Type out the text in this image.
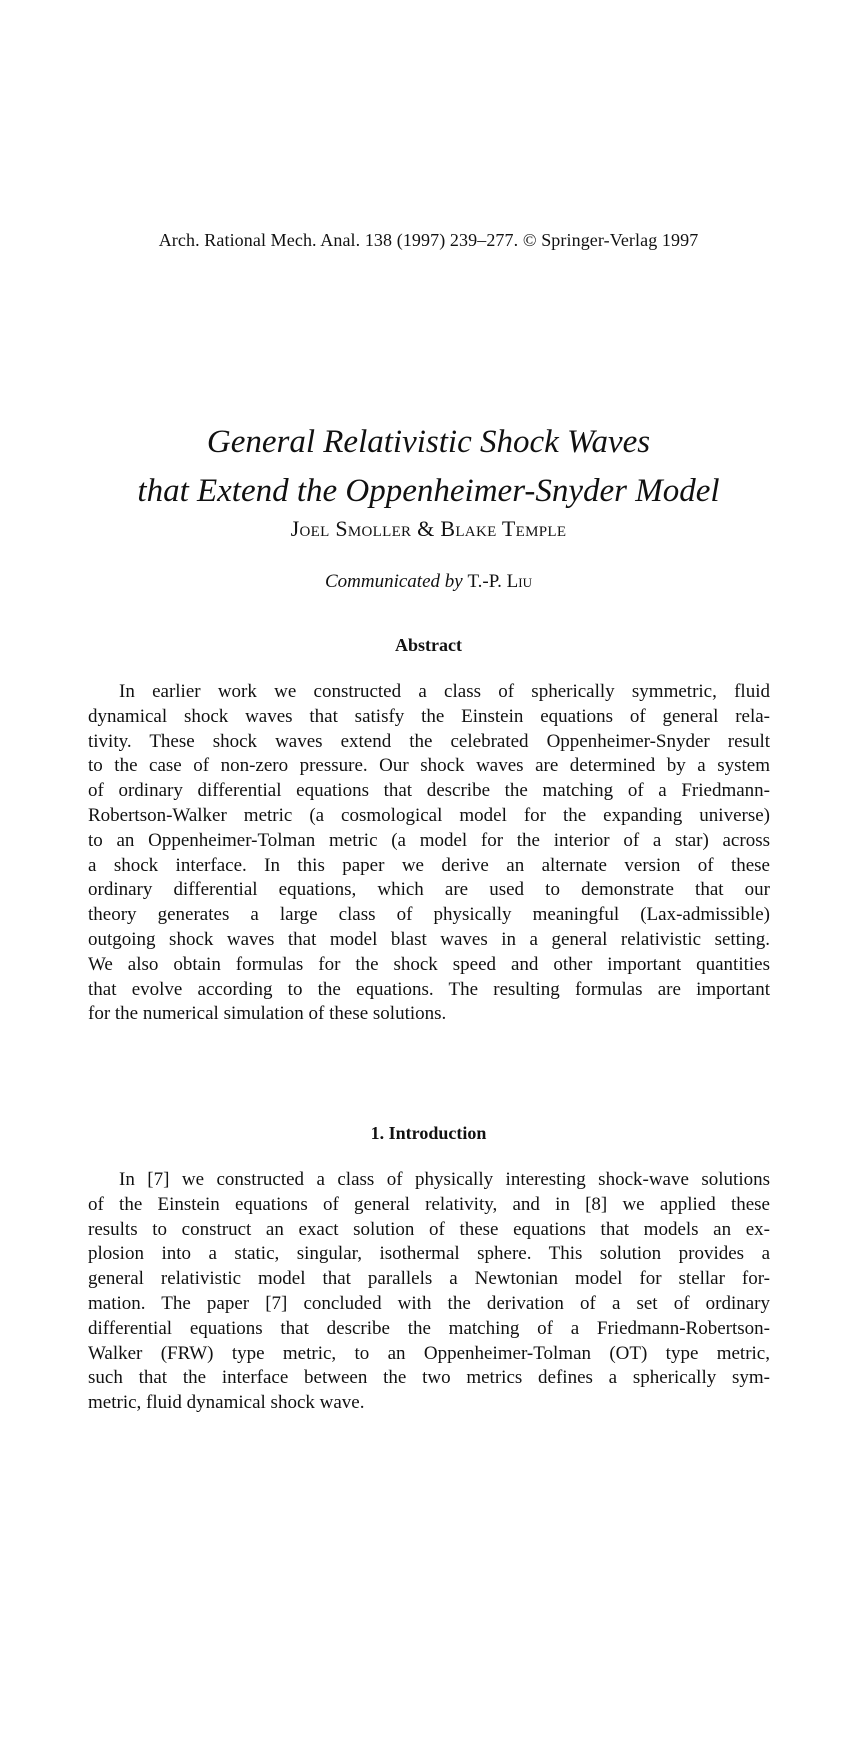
Arch. Rational Mech. Anal. 138 (1997) 239–277. © Springer-Verlag 1997
General Relativistic Shock Waves
that Extend the Oppenheimer-Snyder Model
Joel Smoller & Blake Temple
Communicated by T.-P. Liu
Abstract
In earlier work we constructed a class of spherically symmetric, fluid
dynamical shock waves that satisfy the Einstein equations of general rela-
tivity. These shock waves extend the celebrated Oppenheimer-Snyder result
to the case of non-zero pressure. Our shock waves are determined by a system
of ordinary differential equations that describe the matching of a Friedmann-
Robertson-Walker metric (a cosmological model for the expanding universe)
to an Oppenheimer-Tolman metric (a model for the interior of a star) across
a shock interface. In this paper we derive an alternate version of these
ordinary differential equations, which are used to demonstrate that our
theory generates a large class of physically meaningful (Lax-admissible)
outgoing shock waves that model blast waves in a general relativistic setting.
We also obtain formulas for the shock speed and other important quantities
that evolve according to the equations. The resulting formulas are important
for the numerical simulation of these solutions.
1. Introduction
In [7] we constructed a class of physically interesting shock-wave solutions
of the Einstein equations of general relativity, and in [8] we applied these
results to construct an exact solution of these equations that models an ex-
plosion into a static, singular, isothermal sphere. This solution provides a
general relativistic model that parallels a Newtonian model for stellar for-
mation. The paper [7] concluded with the derivation of a set of ordinary
differential equations that describe the matching of a Friedmann-Robertson-
Walker (FRW) type metric, to an Oppenheimer-Tolman (OT) type metric,
such that the interface between the two metrics defines a spherically sym-
metric, fluid dynamical shock wave.
